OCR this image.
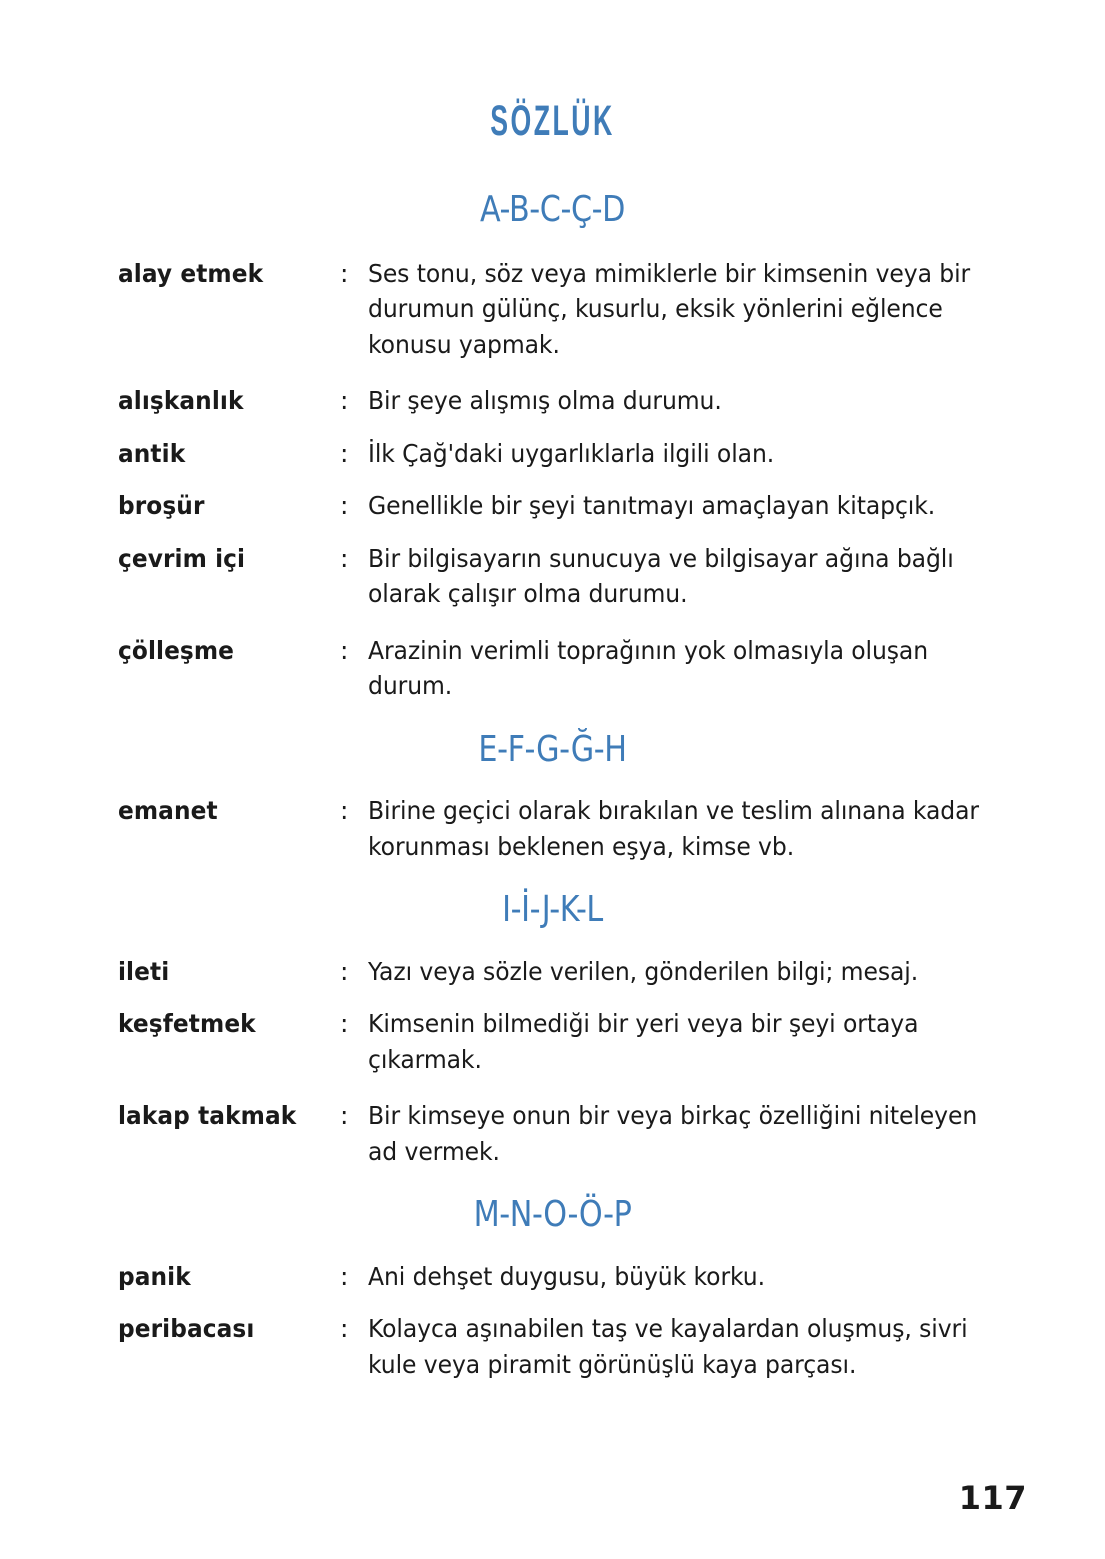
SÖZLÜK
A-B-C-Ç-D
alay etmek	: Ses tonu, söz veya mimiklerle bir kimsenin veya bir durumun gülünç, kusurlu, eksik yönlerini eğlence konusu yapmak.
alışkanlık	: Bir şeye alışmış olma durumu.
antik	: İlk Çağ'daki uygarlıklarla ilgili olan.
broşür	: Genellikle bir şeyi tanıtmayı amaçlayan kitapçık.
çevrim içi	: Bir bilgisayarın sunucuya ve bilgisayar ağına bağlı olarak çalışır olma durumu.
çölleşme	: Arazinin verimli toprağının yok olmasıyla oluşan durum.
E-F-G-Ğ-H
emanet	: Birine geçici olarak bırakılan ve teslim alınana kadar korunması beklenen eşya, kimse vb.
I-İ-J-K-L
ileti	: Yazı veya sözle verilen, gönderilen bilgi; mesaj.
keşfetmek	: Kimsenin bilmediği bir yeri veya bir şeyi ortaya çıkarmak.
lakap takmak	: Bir kimseye onun bir veya birkaç özelliğini niteleyen ad vermek.
M-N-O-Ö-P
panik	: Ani dehşet duygusu, büyük korku.
peribacası	: Kolayca aşınabilen taş ve kayalardan oluşmuş, sivri kule veya piramit görünüşlü kaya parçası.
117
